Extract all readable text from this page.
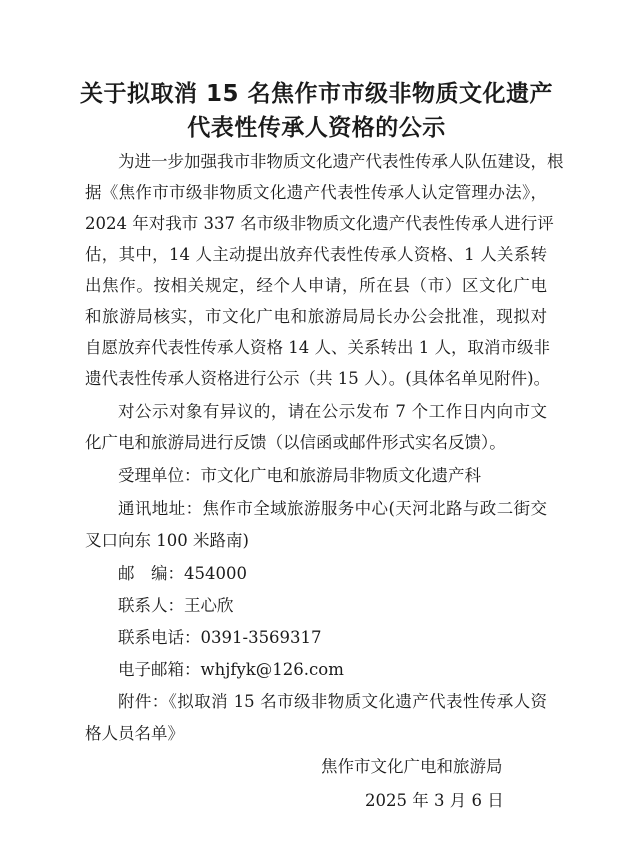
关于拟取消 15 名焦作市市级非物质文化遗产
代表性传承人资格的公示
为进一步加强我市非物质文化遗产代表性传承人队伍建设，根
据《焦作市市级非物质文化遗产代表性传承人认定管理办法》，
2024 年对我市 337 名市级非物质文化遗产代表性传承人进行评
估，其中，14 人主动提出放弃代表性传承人资格、1 人关系转
出焦作。按相关规定，经个人申请，所在县（市）区文化广电
和旅游局核实，市文化广电和旅游局局长办公会批准，现拟对
自愿放弃代表性传承人资格 14 人、关系转出 1 人，取消市级非
遗代表性传承人资格进行公示（共 15 人）。(具体名单见附件)。
对公示对象有异议的，请在公示发布 7 个工作日内向市文
化广电和旅游局进行反馈（以信函或邮件形式实名反馈）。
受理单位：市文化广电和旅游局非物质文化遗产科
通讯地址：焦作市全域旅游服务中心(天河北路与政二街交
叉口向东 100 米路南)
邮　编：454000
联系人：王心欣
联系电话：0391-3569317
电子邮箱：whjfyk@126.com
附件：《拟取消 15 名市级非物质文化遗产代表性传承人资
格人员名单》
焦作市文化广电和旅游局
2025 年 3 月 6 日
